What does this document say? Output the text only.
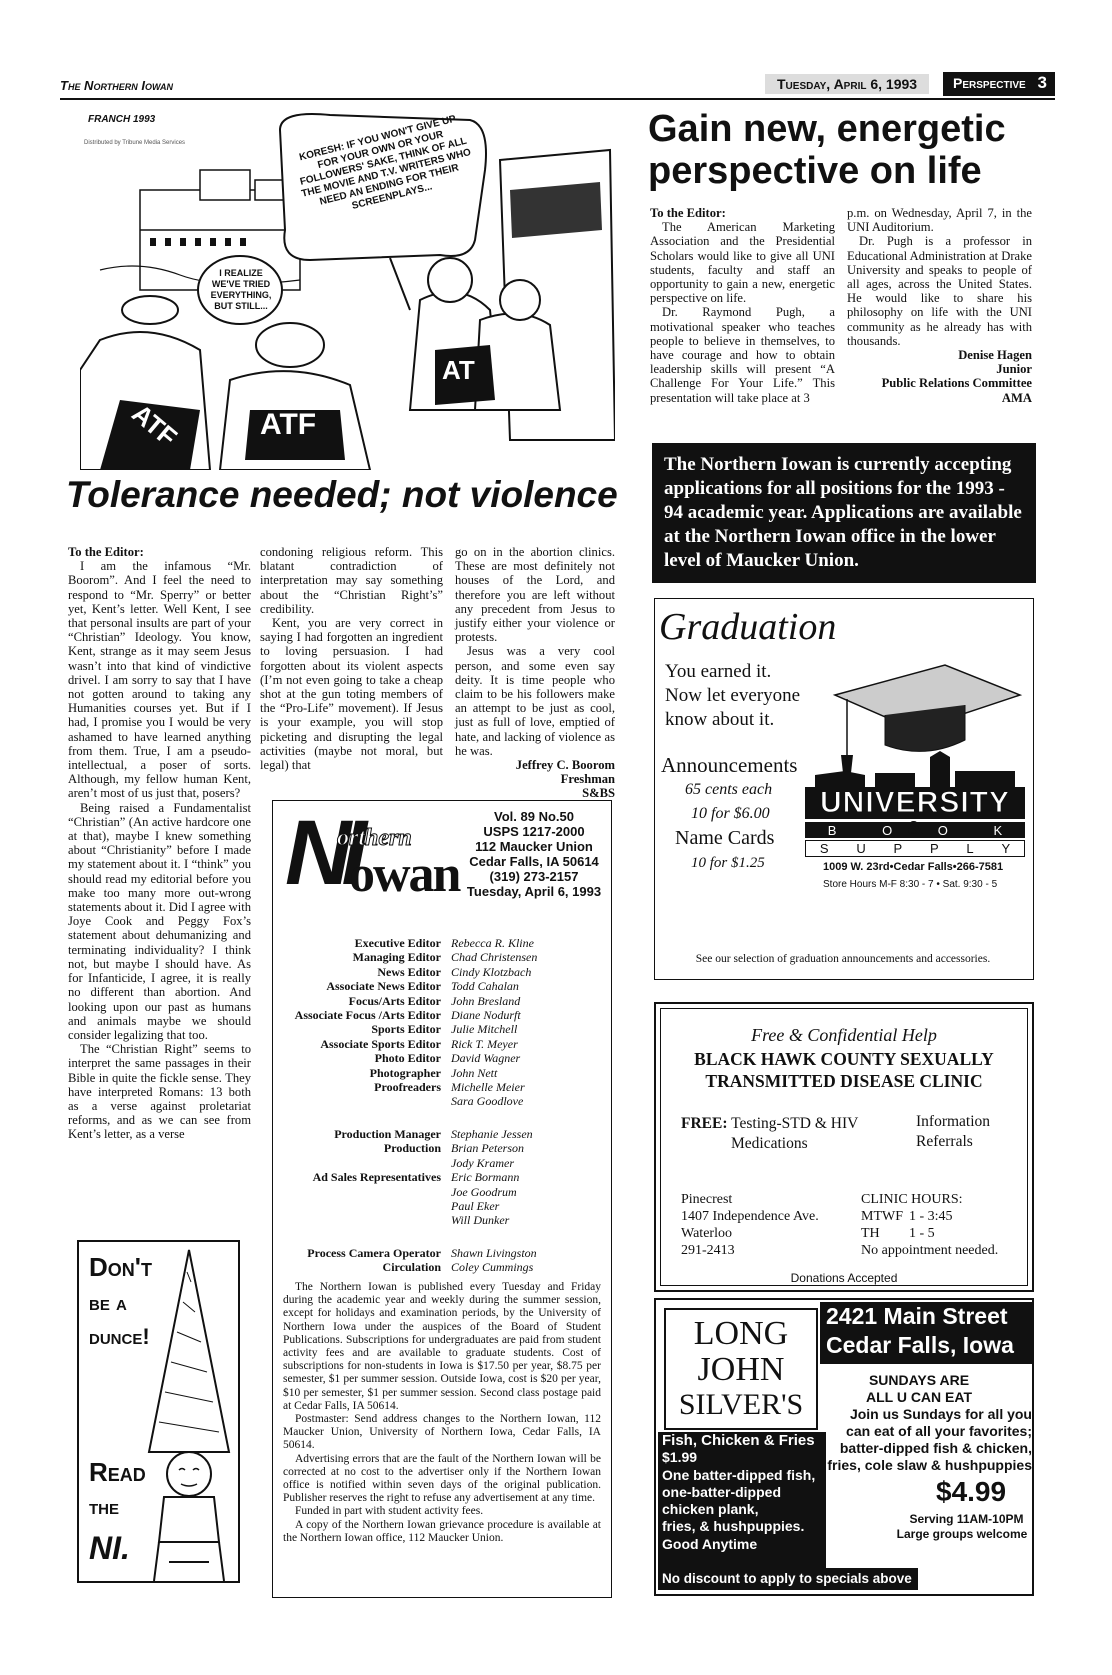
The Northern Iowan	Tuesday, April 6, 1993	Perspective 3
FRANCH 1993
Distributed by Tribune Media Services	KORESH: IF YOU WON'T GIVE UP FOR YOUR OWN OR YOUR FOLLOWERS' SAKE, THINK OF ALL THE MOVIE AND T.V. WRITERS WHO NEED AN ENDING FOR THEIR SCREENPLAYS...
I REALIZE WE'VE TRIED EVERYTHING, BUT STILL...
ATF
AT
ATF
Tolerance needed; not violence

To the Editor:

I am the infamous “Mr. Boorom”. And I feel the need to respond to “Mr. Sperry” or better yet, Kent’s letter. Well Kent, I see that personal insults are part of your “Christian” Ideology. You know, Kent, strange as it may seem Jesus wasn’t into that kind of vindictive drivel. I am sorry to say that I have not gotten around to taking any Humanities courses yet. But if I had, I promise you I would be very ashamed to have learned anything from them. True, I am a pseudo-intellectual, a poser of sorts. Although, my fellow human Kent, aren’t most of us just that, posers?

Being raised a Fundamentalist “Christian” (An active hardcore one at that), maybe I knew something about “Christianity” before I made my statement about it. I “think” you should read my editorial before you make too many more out-wrong statements about it. Did I agree with Joye Cook and Peggy Fox’s statement about dehumanizing and terminating individuality? I think not, but maybe I should have. As for Infanticide, I agree, it is really no different than abortion. And looking upon our past as humans and animals maybe we should consider legalizing that too.

The “Christian Right” seems to interpret the same passages in their Bible in quite the fickle sense. They have interpreted Romans: 13 both as a verse against proletariat reforms, and as we can see from Kent’s letter, as a verse

condoning religious reform. This blatant contradiction of interpretation may say something about the “Christian Right’s” credibility.

Kent, you are very correct in saying I had forgotten an ingredient to loving persuasion. I had forgotten about its violent aspects (I’m not even going to take a cheap shot at the gun toting members of the “Pro-Life” movement). If Jesus is your example, you will stop picketing and disrupting the legal activities (maybe not moral, but legal) that

go on in the abortion clinics. These are most definitely not houses of the Lord, and therefore you are left without any precedent from Jesus to justify either your violence or protests.

Jesus was a very cool person, and some even say deity. It is time people who claim to be his followers make an attempt to be just as cool, just as full of love, emptied of hate, and lacking of violence as he was.

Jeffrey C. Boorom
Freshman
S&BS
Don't
be a
dunce!
Read
the
NI.
NI
orthern
owan
Vol. 89 No.50
USPS 1217-2000
112 Maucker Union
Cedar Falls, IA 50614
(319) 273-2157
Tuesday, April 6, 1993
Executive Editor Rebecca R. Kline
Managing Editor Chad Christensen
News Editor Cindy Klotzbach
Associate News Editor Todd Cahalan
Focus/Arts Editor John Bresland
Associate Focus /Arts Editor Diane Nodurft
Sports Editor Julie Mitchell
Associate Sports Editor Rick T. Meyer
Photo Editor David Wagner
Photographer John Nett
Proofreaders Michelle Meier
Sara Goodlove
Production Manager Stephanie Jessen
Production Brian Peterson
Jody Kramer
Ad Sales Representatives Eric Bormann
Joe Goodrum
Paul Eker
Will Dunker
Process Camera Operator Shawn Livingston
Circulation Coley Cummings

The Northern Iowan is published every Tuesday and Friday during the academic year and weekly during the summer session, except for holidays and examination periods, by the University of Northern Iowa under the auspices of the Board of Student Publications. Subscriptions for undergraduates are paid from student activity fees and are available to graduate students. Cost of subscriptions for non-students in Iowa is $17.50 per year, $8.75 per semester, $1 per summer session. Outside Iowa, cost is $20 per year, $10 per semester, $1 per summer session. Second class postage paid at Cedar Falls, IA 50614.

Postmaster: Send address changes to the Northern Iowan, 112 Maucker Union, University of Northern Iowa, Cedar Falls, IA 50614.

Advertising errors that are the fault of the Northern Iowan will be corrected at no cost to the advertiser only if the Northern Iowan office is notified within seven days of the original publication. Publisher reserves the right to refuse any advertisement at any time.

Funded in part with student activity fees.

A copy of the Northern Iowan grievance procedure is available at the Northern Iowan office, 112 Maucker Union.

Gain new, energetic perspective on life

To the Editor:

The American Marketing Association and the Presidential Scholars would like to give all UNI students, faculty and staff an opportunity to gain a new, energetic perspective on life.

Dr. Raymond Pugh, a motivational speaker who teaches people to believe in themselves, to have courage and how to obtain leadership skills will present “A Challenge For Your Life.” This presentation will take place at 3

p.m. on Wednesday, April 7, in the UNI Auditorium.

Dr. Pugh is a professor in Educational Administration at Drake University and speaks to people of all ages, across the United States. He would like to share his philosophy on life with the UNI community as he already has with thousands.

Denise Hagen
Junior
Public Relations Committee
AMA
The Northern Iowan is currently accepting applications for all positions for the 1993 - 94 academic year. Applications are available at the Northern Iowan office in the lower level of Maucker Union.
Graduation
You earned it.
Now let everyone
know about it.
Announcements
65 cents each
10 for $6.00
Name Cards
10 for $1.25
UNIVERSITY
B	O	O	K
S U P P L Y
&
1009 W. 23rd•Cedar Falls•266-7581
Store Hours M-F 8:30 - 7 • Sat. 9:30 - 5
See our selection of graduation announcements and accessories.
Free & Confidential Help
BLACK HAWK COUNTY SEXUALLY
TRANSMITTED DISEASE CLINIC
FREE: Testing-STD & HIV
Medications
Information
Referrals
Pinecrest
1407 Independence Ave.
Waterloo
291-2413
CLINIC HOURS:
MTWF 1 - 3:45
TH 1 - 5
No appointment needed.
Donations Accepted
LONG
JOHN
SILVER'S
2421 Main Street
Cedar Falls, Iowa
SUNDAYS ARE
ALL U CAN EAT
Join us Sundays for all you
can eat of all your favorites;
batter-dipped fish & chicken,
fries, cole slaw & hushpuppies
$4.99
Serving 11AM-10PM
Large groups welcome
Fish, Chicken & Fries
$1.99
One batter-dipped fish,
one-batter-dipped
chicken plank,
fries, & hushpuppies.
Good Anytime
No discount to apply to specials above
